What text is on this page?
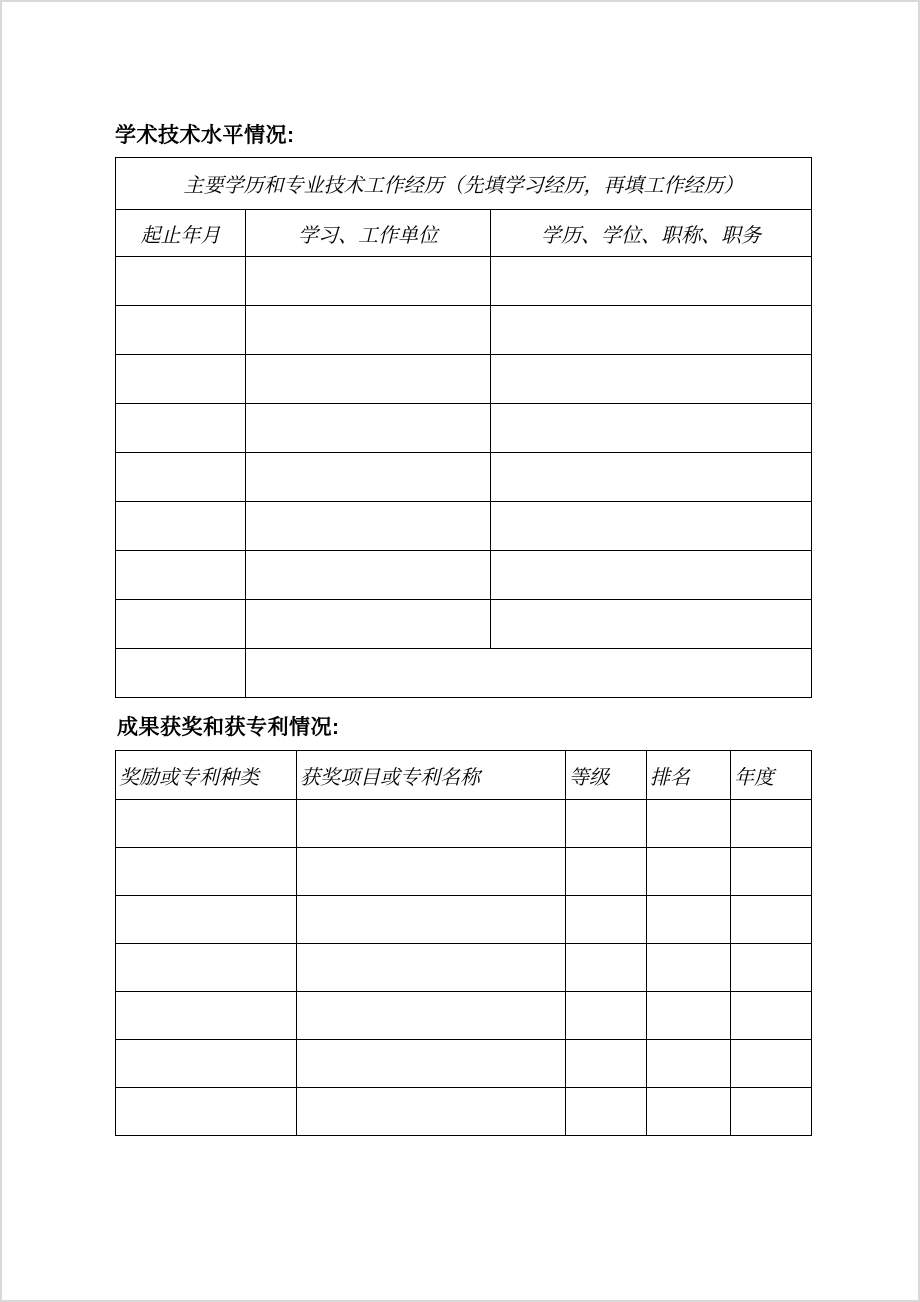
学术技术水平情况:
主要学历和专业技术工作经历（先填学习经历，再填工作经历）		
起止年月	学习、工作单位	学历、学位、职称、职务

成果获奖和获专利情况:
奖励或专利种类	获奖项目或专利名称	等级	排名	年度
